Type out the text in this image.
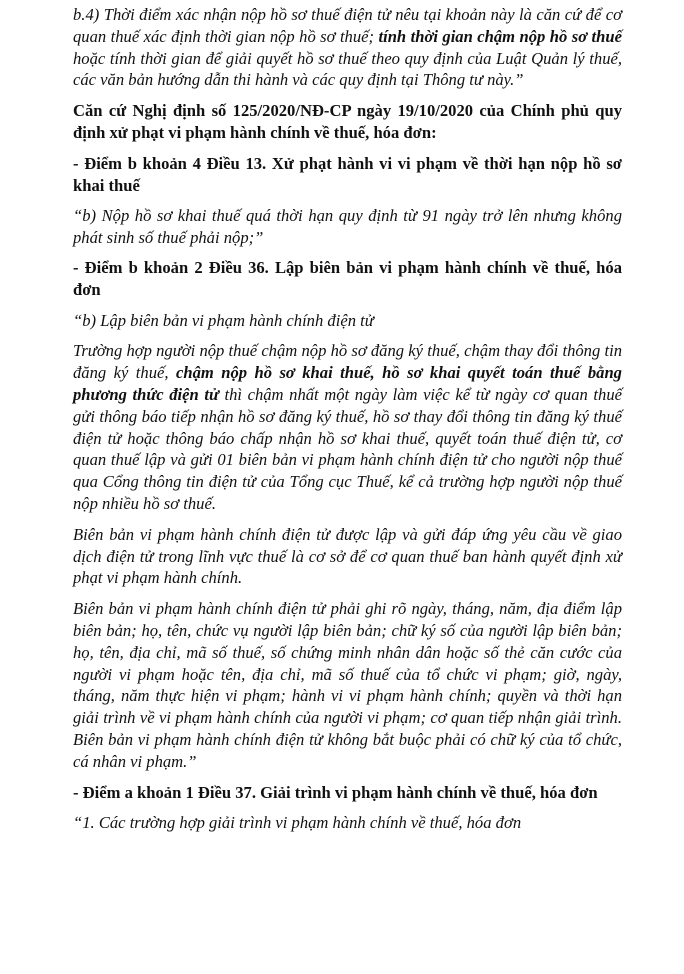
b.4) Thời điểm xác nhận nộp hồ sơ thuế điện tử nêu tại khoản này là căn cứ để cơ quan thuế xác định thời gian nộp hồ sơ thuế; tính thời gian chậm nộp hồ sơ thuế hoặc tính thời gian để giải quyết hồ sơ thuế theo quy định của Luật Quản lý thuế, các văn bản hướng dẫn thi hành và các quy định tại Thông tư này.”

Căn cứ Nghị định số 125/2020/NĐ-CP ngày 19/10/2020 của Chính phủ quy định xử phạt vi phạm hành chính về thuế, hóa đơn:

- Điểm b khoản 4 Điều 13. Xử phạt hành vi vi phạm về thời hạn nộp hồ sơ khai thuế

“b) Nộp hồ sơ khai thuế quá thời hạn quy định từ 91 ngày trở lên nhưng không phát sinh số thuế phải nộp;”

- Điểm b khoản 2 Điều 36. Lập biên bản vi phạm hành chính về thuế, hóa đơn

“b) Lập biên bản vi phạm hành chính điện tử

Trường hợp người nộp thuế chậm nộp hồ sơ đăng ký thuế, chậm thay đổi thông tin đăng ký thuế, chậm nộp hồ sơ khai thuế, hồ sơ khai quyết toán thuế bằng phương thức điện tử thì chậm nhất một ngày làm việc kể từ ngày cơ quan thuế gửi thông báo tiếp nhận hồ sơ đăng ký thuế, hồ sơ thay đổi thông tin đăng ký thuế điện tử hoặc thông báo chấp nhận hồ sơ khai thuế, quyết toán thuế điện tử, cơ quan thuế lập và gửi 01 biên bản vi phạm hành chính điện tử cho người nộp thuế qua Cổng thông tin điện tử của Tổng cục Thuế, kể cả trường hợp người nộp thuế nộp nhiều hồ sơ thuế.

Biên bản vi phạm hành chính điện tử được lập và gửi đáp ứng yêu cầu về giao dịch điện tử trong lĩnh vực thuế là cơ sở để cơ quan thuế ban hành quyết định xử phạt vi phạm hành chính.

Biên bản vi phạm hành chính điện tử phải ghi rõ ngày, tháng, năm, địa điểm lập biên bản; họ, tên, chức vụ người lập biên bản; chữ ký số của người lập biên bản; họ, tên, địa chỉ, mã số thuế, số chứng minh nhân dân hoặc số thẻ căn cước của người vi phạm hoặc tên, địa chỉ, mã số thuế của tổ chức vi phạm; giờ, ngày, tháng, năm thực hiện vi phạm; hành vi vi phạm hành chính; quyền và thời hạn giải trình về vi phạm hành chính của người vi phạm; cơ quan tiếp nhận giải trình. Biên bản vi phạm hành chính điện tử không bắt buộc phải có chữ ký của tổ chức, cá nhân vi phạm.”

- Điểm a khoản 1 Điều 37. Giải trình vi phạm hành chính về thuế, hóa đơn

“1. Các trường hợp giải trình vi phạm hành chính về thuế, hóa đơn
